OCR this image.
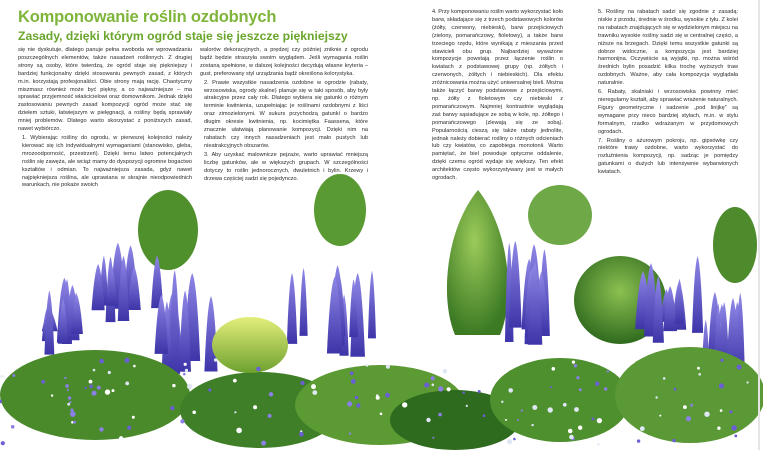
Komponowanie roślin ozdobnych
Zasady, dzięki którym ogród staje się jeszcze piękniejszy

się nie dyskutuje, dlatego panuje pełna swoboda we wprowadzaniu poszczególnych elementów, także nasadzeń roślinnych. Z drugiej strony są osoby, które twierdzą, że ogród staje się piękniejszy i bardziej funkcjonalny dzięki stosowaniu pewnych zasad, z których m.in. korzystają profesjonaliści. Obie strony mają rację. Chaotyczny miszmasz również może być piękny, a co najważniejsze – ma sprawiać przyjemność właścicielowi oraz domownikom. Jednak dzięki zastosowaniu pewnych zasad kompozycji ogród może stać się dziełem sztuki, łatwiejszym w pielęgnacji, a rośliny będą sprawiały mniej problemów. Dlatego warto skorzystać z poniższych zasad, nawet wybiórczo.

1. Wybierając rośliny do ogrodu, w pierwszej kolejności należy kierować się ich indywidualnymi wymaganiami (stanowisko, gleba, mrozoodporność, przestrzeń). Dzięki temu łatwo potencjalnych roślin się zawęża, ale wciąż mamy do dyspozycji ogromne bogactwo kształtów i odmian. To najważniejsza zasada, gdyż nawet najpiękniejsza roślina, ale uprawiana w skrajnie nieodpowiednich warunkach, nie pokaże swoich

walorów dekoracyjnych, a prędzej czy później zniknie z ogrodu bądź będzie straszyła swoim wyglądem. Jeśli wymagania roślin zostaną spełnione, w dalszej kolejności decydują własne kryteria – gust, preferowany styl urządzania bądź określona kolorystyka.

2. Prawie wszystkie nasadzenia ozdobne w ogrodzie (rabaty, wrzosowiska, ogrody skalne) planuje się w taki sposób, aby były atrakcyjne przez cały rok. Dlatego wybiera się gatunki o różnym terminie kwitnienia, uzupełniając je roślinami ozdobnymi z liści oraz zimozielonymi. W sukurs przychodzą gatunki o bardzo długim okresie kwitnienia, np. kocimiętka Faassena, które znacznie ułatwiają planowanie kompozycji. Dzięki nim na rabatach czy innych nasadzeniach jest mało pustych lub nieatrakcyjnych obszarów.

3. Aby uzyskać malownicze pejzaże, warto uprawiać mniejszą liczbę gatunków, ale w większych grupach. W szczególności dotyczy to roślin jednorocznych, dwuletnich i bylin. Krzewy i drzewa częściej sadzi się pojedynczo.

4. Przy komponowaniu roślin warto wykorzystać koło barw, składające się z trzech podstawowych kolorów (żółty, czerwony, niebieski), barw przejściowych (zielony, pomarańczowy, fioletowy), a także barw trzeciego rzędu, które wynikają z mieszania przed stawicieli obu grup. Najbardziej wyważone kompozycje powstają przez łączenie roślin o kwiatach z podstawowej grupy (np. żółtych i czerwonych, żółtych i niebieskich). Dla efektu zróżnicowania można użyć uniwersalnej bieli. Można także łączyć barwy podstawowe z przejściowymi, np. żółty z fioletowym czy niebieski z pomarańczowym. Najmniej kontrastnie wyglądają zaś barwy sąsiadujące ze sobą w kole, np. żółtego i pomarańczowego (zlewają się ze sobą). Popularnością cieszą się także rabaty jednolite, jednak należy dobierać rośliny o różnych odcieniach lub czy kwiatów, co zapobiega monotonii. Warto pamiętać, że biel powoduje optyczne oddalenie, dzięki czemu ogród wydaje się większy. Ten efekt architektów często wykorzystywany jest w małych ogrodach.

5. Rośliny na rabatach sadzi się zgodnie z zasadą: niskie z przodu, średnie w środku, wysokie z tyłu. Z kolei na rabatach znajdujących się w wydzielonym miejscu na trawniku wysokie rośliny sadzi się w centralnej części, a niższe na brzegach. Dzięki temu wszystkie gatunki są dobrze widoczne, a kompozycja jest bardziej harmonijna. Oczywiście są wyjątki, np. można wśród średnich bylin posadzić kilka trochę wyższych traw ozdobnych. Ważne, aby cała kompozycja wyglądała naturalnie.

6. Rabaty, skalniaki i wrzosowiska powinny mieć nieregularny kształt, aby sprawiać wrażenie naturalnych. Figury geometryczne i sadzenie „pod linijkę” są wymagane przy nieco bardziej stylach, m.in. w stylu formalnym, rzadko wdrażanym w przydomowych ogrodach.

7. Rośliny o ażurowym pokroju, np. gipsówkę czy niektóre trawy ozdobne, warto wykorzystać do rozluźnienia kompozycji, np. sadząc je pomiędzy gatunkami o dużych lub intensywnie wybarwionych kwiatach.
